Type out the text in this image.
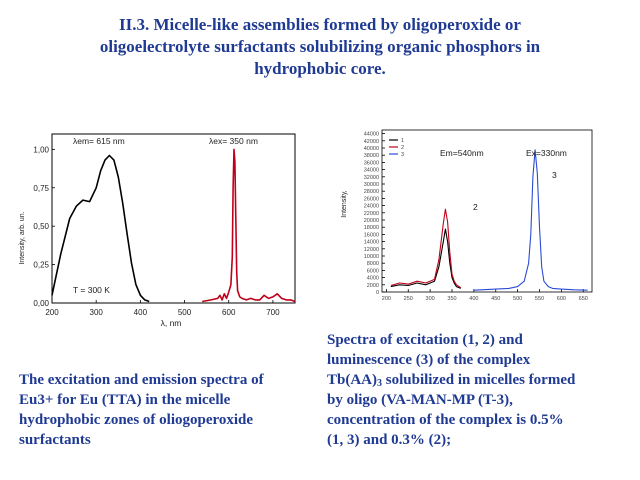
II.3. Micelle-like assemblies formed by oligoperoxide or
oligoelectrolyte surfactants solubilizing organic phosphors in
hydrophobic core.
200	300	400	500	600	700
0,00
0,25
0,50
0,75
1,00
λem= 615 nm	λex= 350 nm
T = 300 K
λ, nm
Intensity, arb. un.
200 250 300 350 400 450 500 550 600 650
0
2000
4000
6000
8000
10000
12000
14000
16000
18000
20000
22000
24000
26000
28000
30000
32000
34000
36000
38000
40000
42000
44000
1
2
3	Em=540nm	Ex=330nm
2
3
Intensity,
The excitation and emission spectra of
Eu3+ for Eu (TTA) in the micelle
hydrophobic zones of oliogoperoxide
surfactants
Spectra of excitation (1, 2) and
luminescence (3) of the complex
$Tb(AA)_3$ solubilized in micelles formed
by oligo (VA-MAN-MP (T-3),
concentration of the complex is 0.5%
(1, 3) and 0.3% (2);
